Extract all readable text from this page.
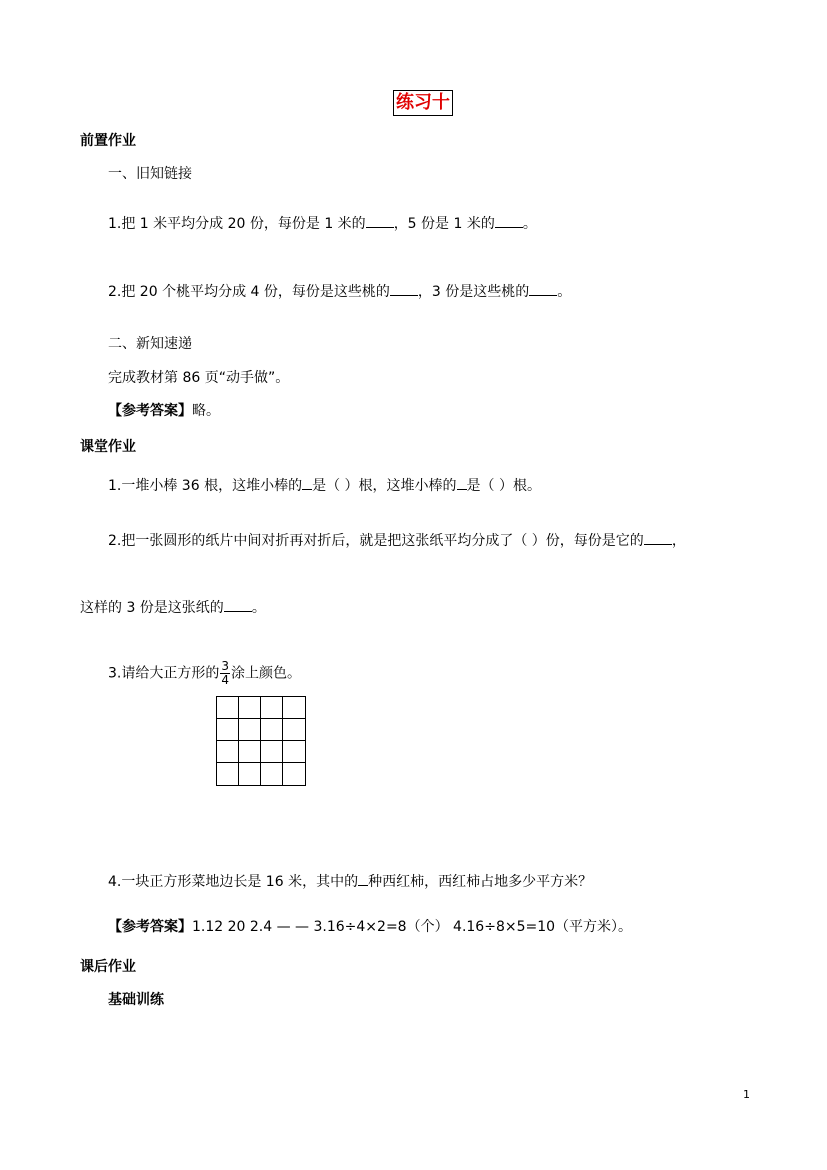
练习十
前置作业
一、旧知链接
1.把 1 米平均分成 20 份，每份是 1 米的 ，5 份是 1 米的 。
2.把 20 个桃平均分成 4 份，每份是这些桃的 ，3 份是这些桃的 。
二、新知速递
完成教材第 86 页“动手做”。
【参考答案】略。
课堂作业
1.一堆小棒 36 根，这堆小棒的 是（ ）根，这堆小棒的 是（ ）根。
2.把一张圆形的纸片中间对折再对折后，就是把这张纸平均分成了（ ）份，每份是它的 ，
这样的 3 份是这张纸的 。
3.请给大正方形的 $\frac{3}{4}$ 涂上颜色。
4.一块正方形菜地边长是 16 米，其中的 种西红柿，西红柿占地多少平方米？
【参考答案】1.12 20 2.4 — — 3.16÷4×2=8（个） 4.16÷8×5=10（平方米）。
课后作业
基础训练
1
